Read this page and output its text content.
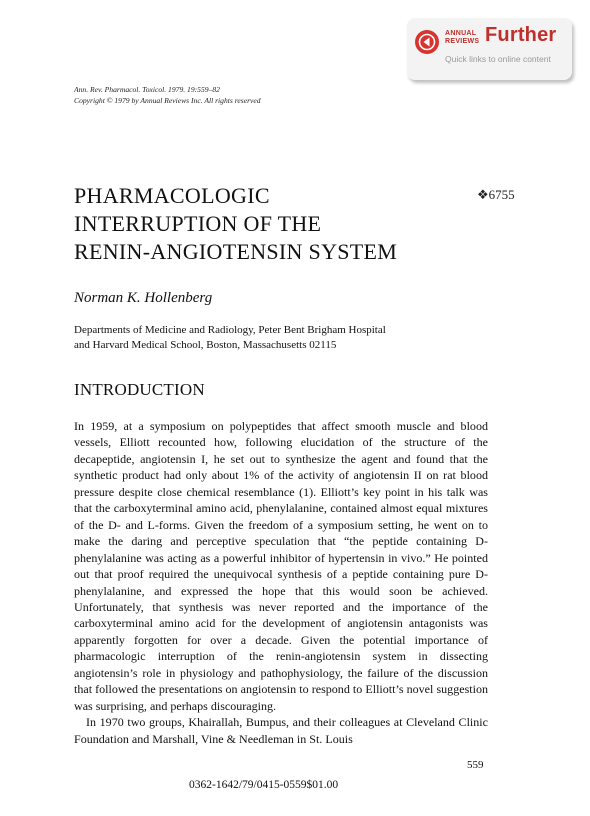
ANNUAL
REVIEWS Further
Quick links to online content
Ann. Rev. Pharmacol. Toxicol. 1979. 19:559–82
Copyright © 1979 by Annual Reviews Inc. All rights reserved
PHARMACOLOGIC
INTERRUPTION OF THE
RENIN-ANGIOTENSIN SYSTEM
❖6755
Norman K. Hollenberg
Departments of Medicine and Radiology, Peter Bent Brigham Hospital
and Harvard Medical School, Boston, Massachusetts 02115
INTRODUCTION

In 1959, at a symposium on polypeptides that affect smooth muscle and blood vessels, Elliott recounted how, following elucidation of the structure of the decapeptide, angiotensin I, he set out to synthesize the agent and found that the synthetic product had only about 1% of the activity of angiotensin II on rat blood pressure despite close chemical resemblance (1). Elliott’s key point in his talk was that the carboxyterminal amino acid, phenylalanine, contained almost equal mixtures of the D- and L-forms. Given the freedom of a symposium setting, he went on to make the daring and perceptive speculation that “the peptide containing D-phenylalanine was acting as a powerful inhibitor of hypertensin in vivo.” He pointed out that proof required the unequivocal synthesis of a peptide containing pure D-phenylalanine, and expressed the hope that this would soon be achieved. Unfortunately, that synthesis was never reported and the importance of the carboxyterminal amino acid for the development of angiotensin antagonists was apparently forgotten for over a decade. Given the potential importance of pharmacologic interruption of the renin-angiotensin system in dissecting angiotensin’s role in physiology and pathophysiology, the failure of the discussion that followed the presentations on angiotensin to respond to Elliott’s novel suggestion was surprising, and perhaps discouraging.

In 1970 two groups, Khairallah, Bumpus, and their colleagues at Cleveland Clinic Foundation and Marshall, Vine & Needleman in St. Louis

559
0362-1642/79/0415-0559$01.00
